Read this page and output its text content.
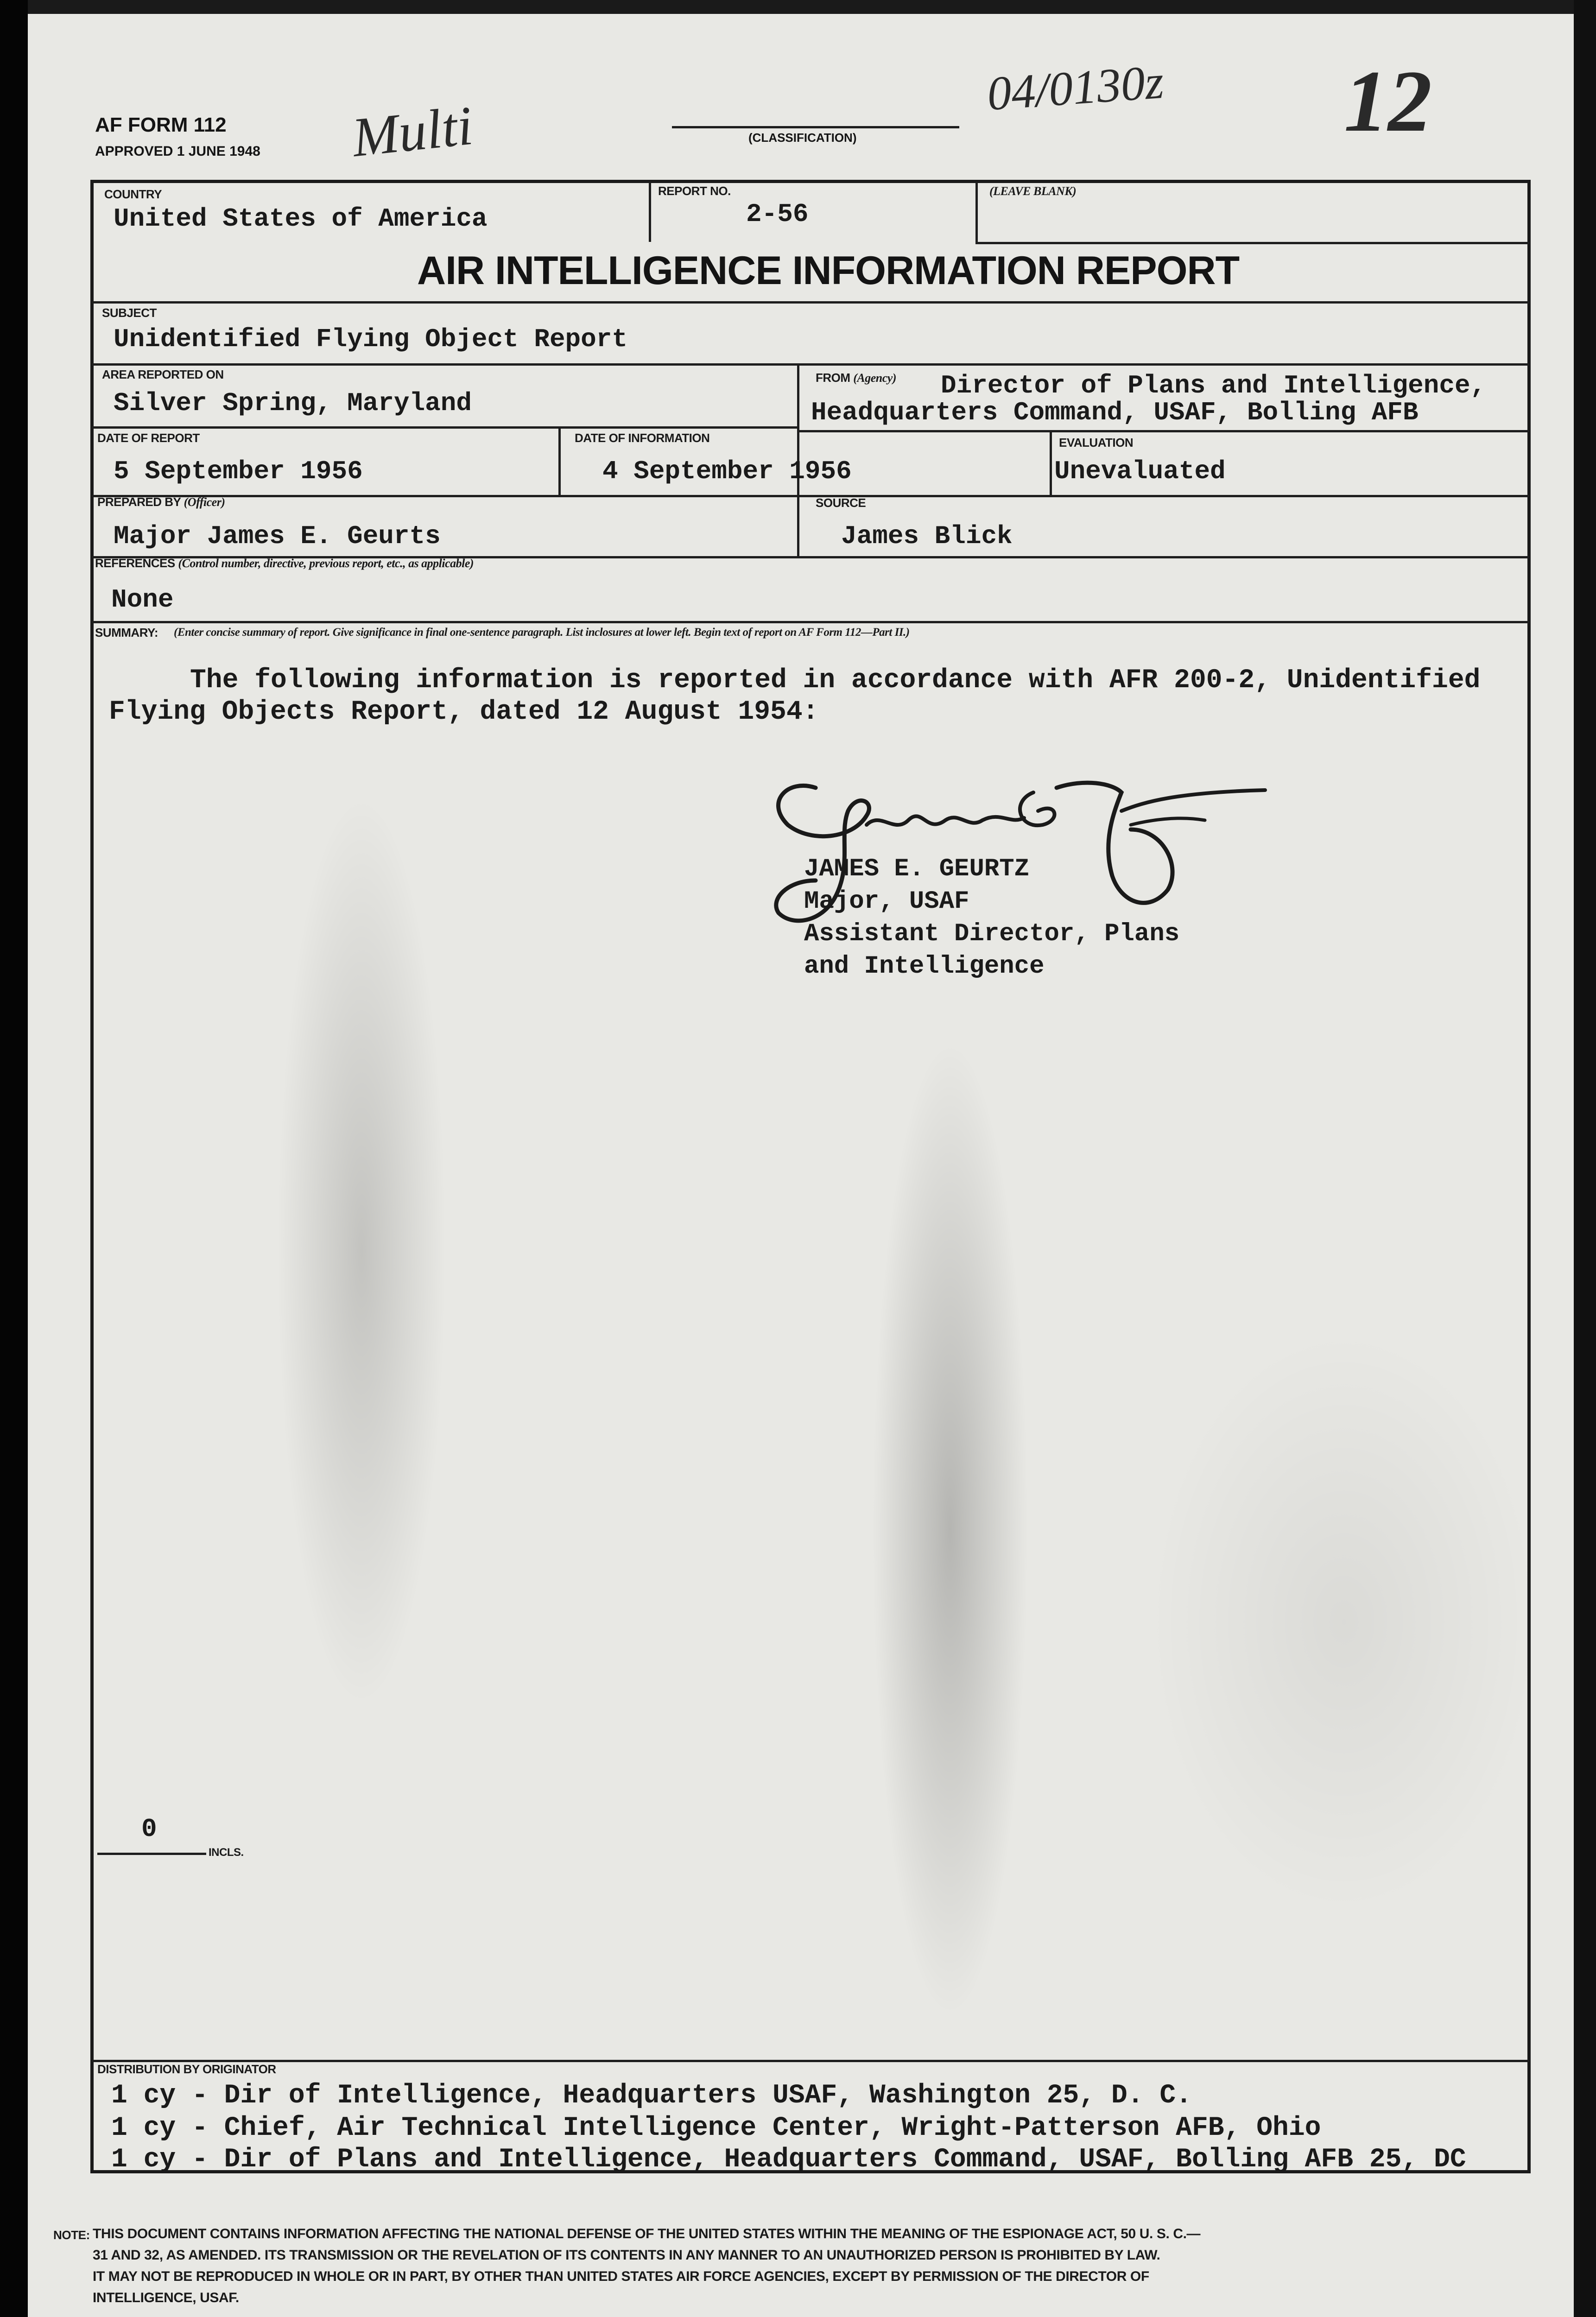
AF FORM 112
APPROVED 1 JUNE 1948 Multi	(CLASSIFICATION)
04/0130z 12
COUNTRY
United States of America
REPORT NO.
2-56
(LEAVE BLANK)
AIR INTELLIGENCE INFORMATION REPORT
SUBJECT
Unidentified Flying Object Report
AREA REPORTED ON
Silver Spring, Maryland
FROM (Agency) Director of Plans and Intelligence,
Headquarters Command, USAF, Bolling AFB
DATE OF REPORT
5 September 1956
DATE OF INFORMATION
4 September 1956
EVALUATION
Unevaluated
PREPARED BY (Officer)
Major James E. Geurts
SOURCE
James Blick
REFERENCES (Control number, directive, previous report, etc., as applicable)
None
SUMMARY: (Enter concise summary of report. Give significance in final one-sentence paragraph. List inclosures at lower left. Begin text of report on AF Form 112—Part II.)
The following information is reported in accordance with AFR 200-2, Unidentified
Flying Objects Report, dated 12 August 1954:
JAMES E. GEURTZ
Major, USAF
Assistant Director, Plans
and Intelligence
0
INCLS.
DISTRIBUTION BY ORIGINATOR
1 cy - Dir of Intelligence, Headquarters USAF, Washington 25, D. C.
1 cy - Chief, Air Technical Intelligence Center, Wright-Patterson AFB, Ohio
1 cy - Dir of Plans and Intelligence, Headquarters Command, USAF, Bolling AFB 25, DC
NOTE: THIS DOCUMENT CONTAINS INFORMATION AFFECTING THE NATIONAL DEFENSE OF THE UNITED STATES WITHIN THE MEANING OF THE ESPIONAGE ACT, 50 U. S. C.—
31 AND 32, AS AMENDED. ITS TRANSMISSION OR THE REVELATION OF ITS CONTENTS IN ANY MANNER TO AN UNAUTHORIZED PERSON IS PROHIBITED BY LAW.
IT MAY NOT BE REPRODUCED IN WHOLE OR IN PART, BY OTHER THAN UNITED STATES AIR FORCE AGENCIES, EXCEPT BY PERMISSION OF THE DIRECTOR OF
INTELLIGENCE, USAF.
